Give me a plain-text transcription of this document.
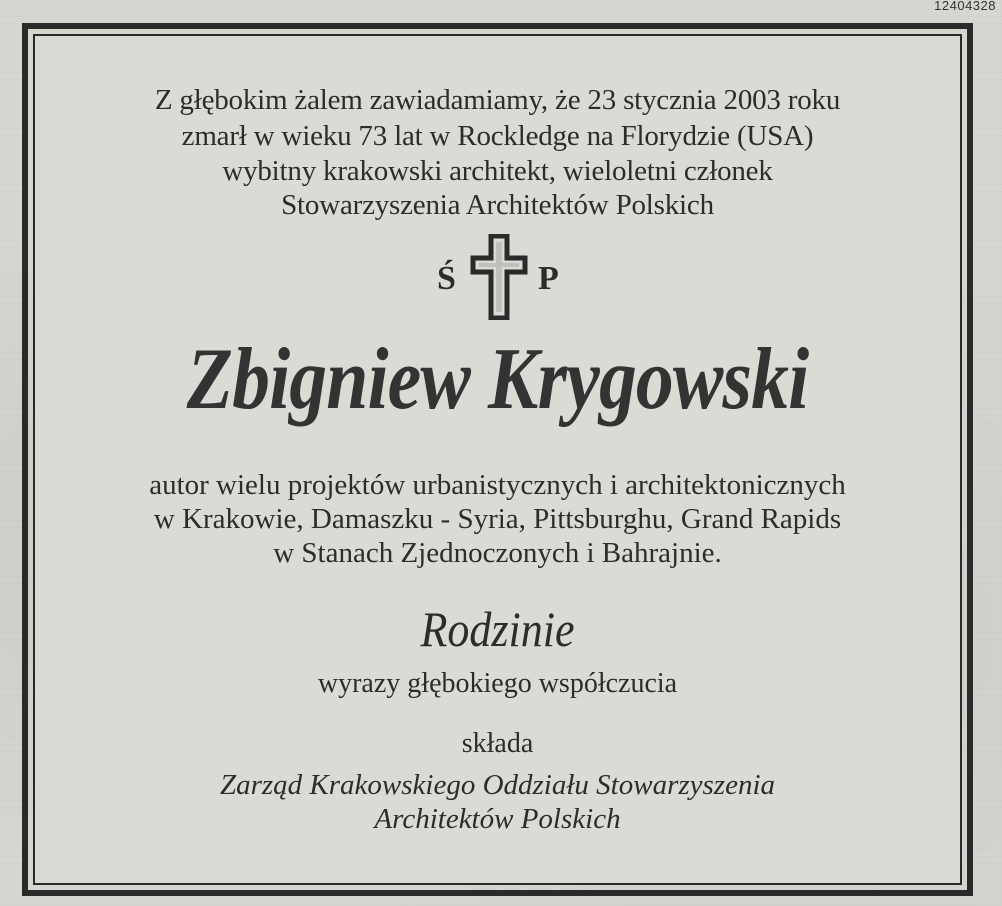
12404328
Z głębokim żalem zawiadamiamy, że 23 stycznia 2003 roku
zmarł w wieku 73 lat w Rockledge na Florydzie (USA)
wybitny krakowski architekt, wieloletni członek
Stowarzyszenia Architektów Polskich
Ś P
Zbigniew Krygowski
autor wielu projektów urbanistycznych i architektonicznych
w Krakowie, Damaszku - Syria, Pittsburghu, Grand Rapids
w Stanach Zjednoczonych i Bahrajnie.
Rodzinie
wyrazy głębokiego współczucia
składa
Zarząd Krakowskiego Oddziału Stowarzyszenia
Architektów Polskich
